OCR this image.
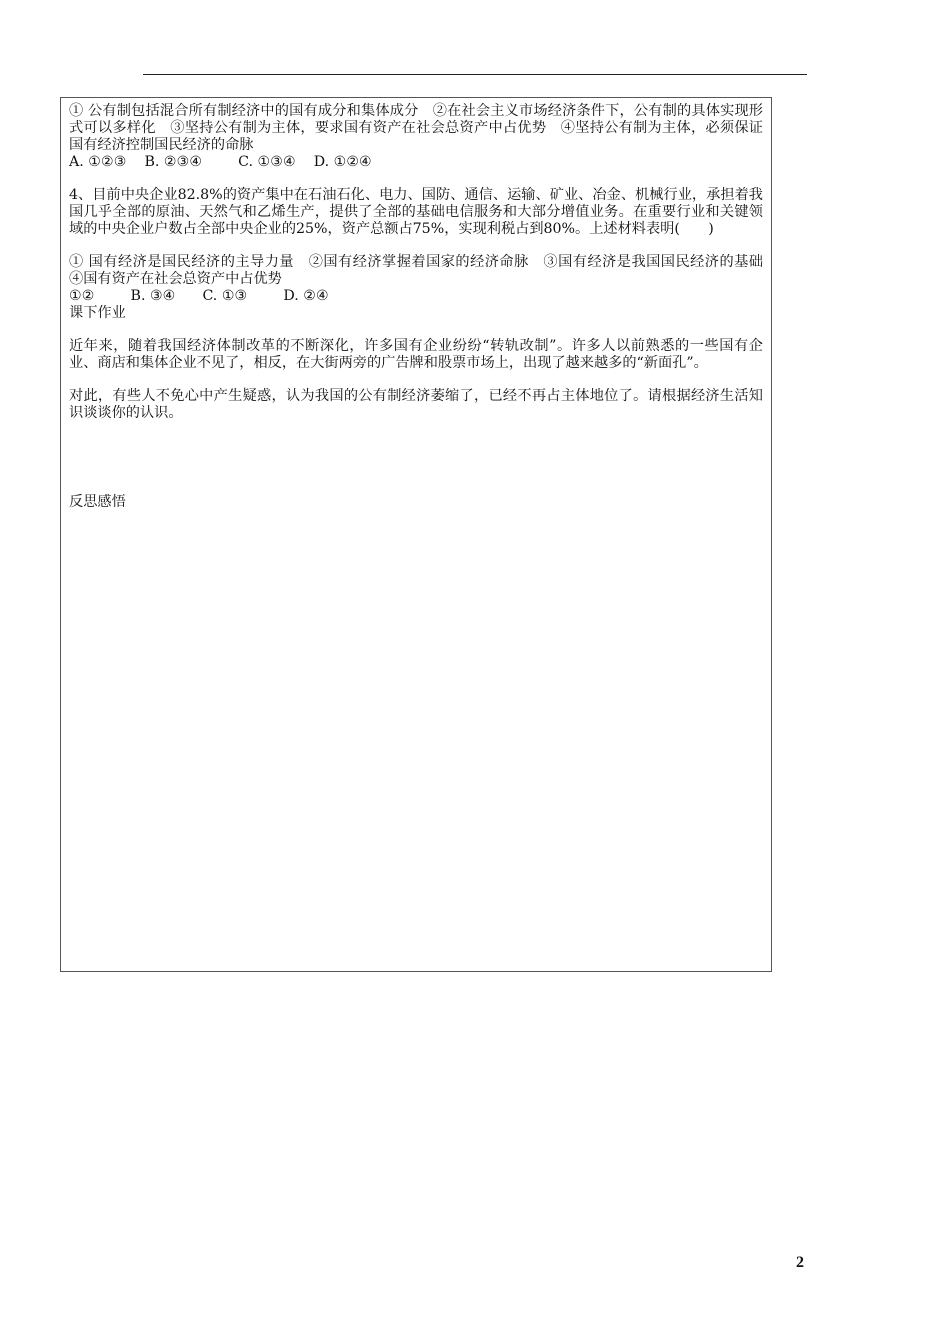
① 公有制包括混合所有制经济中的国有成分和集体成分　②在社会主义市场经济条件下，公有制的具体实现形式可以多样化　③坚持公有制为主体，要求国有资产在社会总资产中占优势　④坚持公有制为主体，必须保证国有经济控制国民经济的命脉

A. ①②③    B. ②③④        C. ①③④    D. ①②④

4、目前中央企业82.8%的资产集中在石油石化、电力、国防、通信、运输、矿业、冶金、机械行业，承担着我国几乎全部的原油、天然气和乙烯生产，提供了全部的基础电信服务和大部分增值业务。在重要行业和关键领域的中央企业户数占全部中央企业的25%，资产总额占75%，实现利税占到80%。上述材料表明(　　)

① 国有经济是国民经济的主导力量　②国有经济掌握着国家的经济命脉　③国有经济是我国国民经济的基础　④国有资产在社会总资产中占优势

①②        B. ③④      C. ①③        D. ②④

课下作业

近年来，随着我国经济体制改革的不断深化，许多国有企业纷纷“转轨改制”。许多人以前熟悉的一些国有企业、商店和集体企业不见了，相反，在大街两旁的广告牌和股票市场上，出现了越来越多的“新面孔”。

对此，有些人不免心中产生疑惑，认为我国的公有制经济萎缩了，已经不再占主体地位了。请根据经济生活知识谈谈你的认识。

反思感悟

2
